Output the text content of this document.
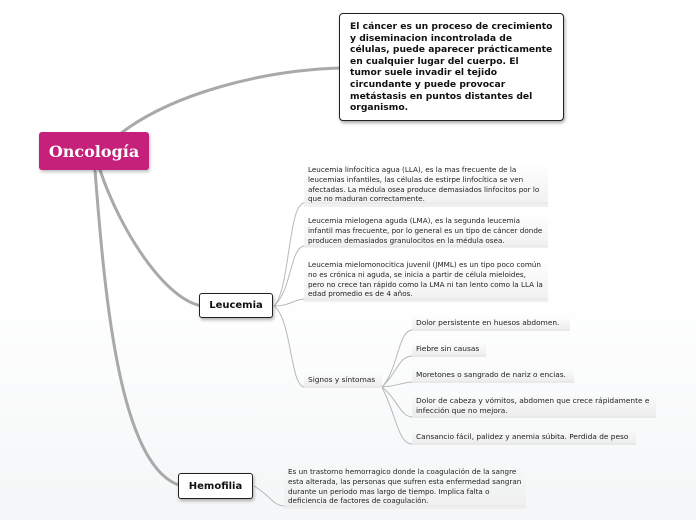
Oncología
El cáncer es un proceso de crecimiento y diseminacion incontrolada de células, puede aparecer prácticamente en cualquier lugar del cuerpo. El tumor suele invadir el tejido circundante y puede provocar metástasis en puntos distantes del organismo.
Leucemia
Leucemia linfocítica agua (LLA), es la mas frecuente de la leucemias infantiles, las células de estirpe linfocítica se ven afectadas. La médula osea produce demasiados linfocitos por lo que no maduran correctamente.
Leucemia mielogena aguda (LMA), es la segunda leucemia infantil mas frecuente, por lo general es un tipo de cáncer donde producen demasiados granulocitos en la médula osea.
Leucemia mielomonocitica juvenil (JMML) es un tipo poco común no es crónica ni aguda, se inicia a partir de célula mieloides, pero no crece tan rápido como la LMA ni tan lento como la LLA la edad promedio es de 4 años.
Signos y síntomas
Dolor persistente en huesos abdomen.
Fiebre sin causas
Moretones o sangrado de nariz o encias.
Dolor de cabeza y vómitos, abdomen que crece rápidamente e infección que no mejora.
Cansancio fácil, palidez y anemia súbita. Perdida de peso
Hemofilia
Es un trastorno hemorragico donde la coagulación de la sangre esta alterada, las personas que sufren esta enfermedad sangran durante un periodo mas largo de tiempo. Implica falta o deficiencia de factores de coagulación.
